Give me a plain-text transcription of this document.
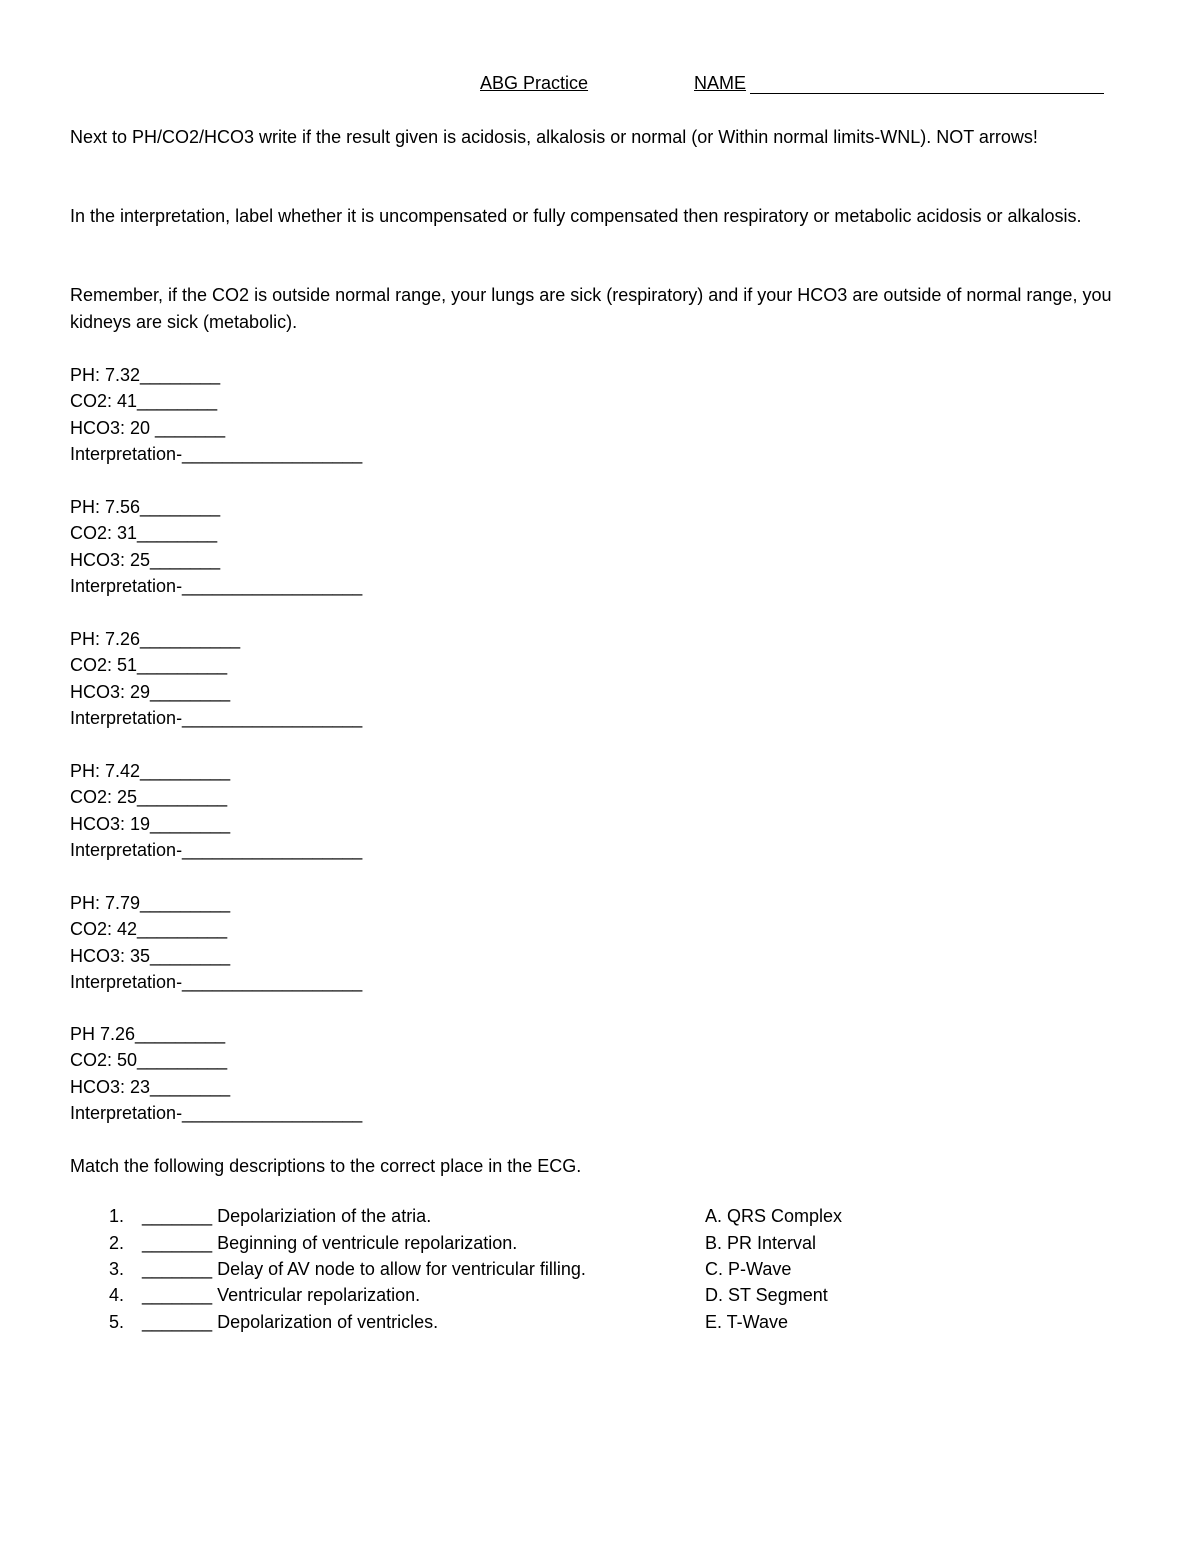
ABG Practice	NAME

Next to PH/CO2/HCO3 write if the result given is acidosis, alkalosis or normal (or Within normal limits-WNL). NOT arrows!

In the interpretation, label whether it is uncompensated or fully compensated then respiratory or metabolic acidosis or alkalosis.

Remember, if the CO2 is outside normal range, your lungs are sick (respiratory) and if your HCO3 are outside of normal range, you kidneys are sick (metabolic).

PH: 7.32________
CO2: 41________
HCO3: 20 _______
Interpretation-__________________
PH: 7.56________
CO2: 31________
HCO3: 25_______
Interpretation-__________________
PH: 7.26__________
CO2: 51_________
HCO3: 29________
Interpretation-__________________
PH: 7.42_________
CO2: 25_________
HCO3: 19________
Interpretation-__________________
PH: 7.79_________
CO2: 42_________
HCO3: 35________
Interpretation-__________________
PH 7.26_________
CO2: 50_________
HCO3: 23________
Interpretation-__________________

Match the following descriptions to the correct place in the ECG.

1. _______ Depolariziation of the atria.	A. QRS Complex
2. _______ Beginning of ventricule repolarization.	B. PR Interval
3. _______ Delay of AV node to allow for ventricular filling.	C. P-Wave
4. _______ Ventricular repolarization.	D. ST Segment
5. _______ Depolarization of ventricles.	E. T-Wave
